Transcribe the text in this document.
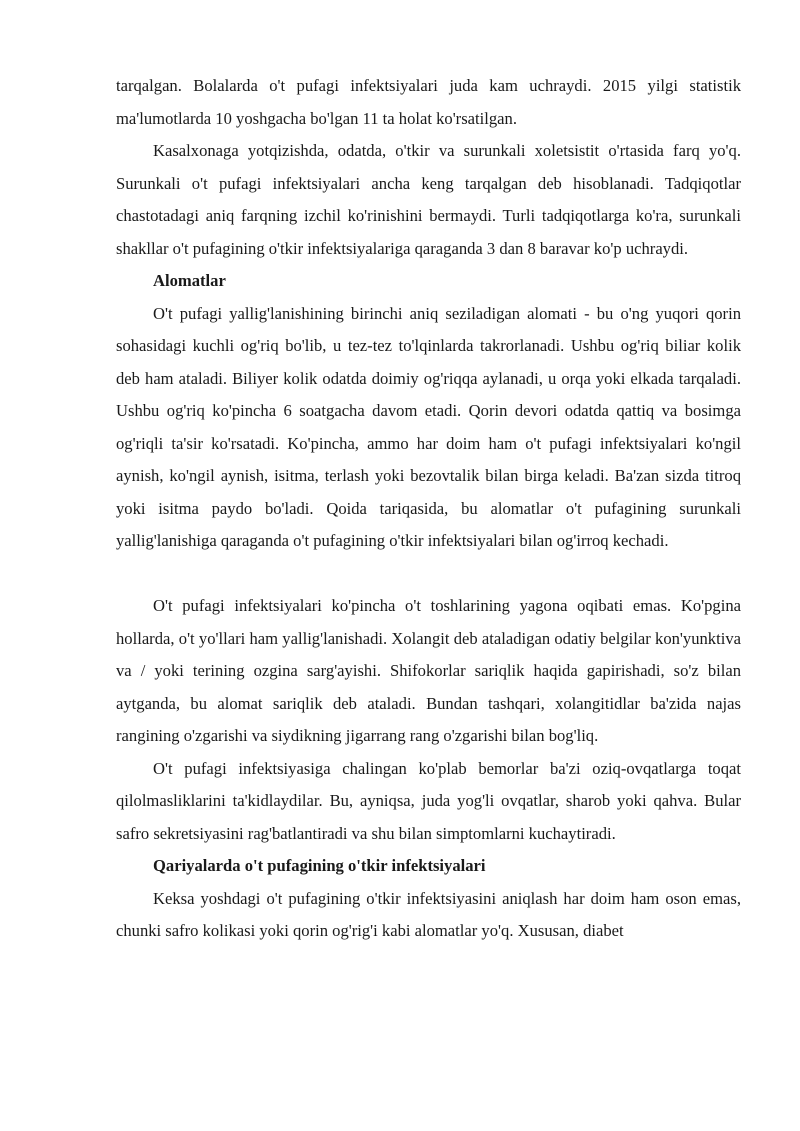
tarqalgan. Bolalarda o't pufagi infektsiyalari juda kam uchraydi. 2015 yilgi statistik ma'lumotlarda 10 yoshgacha bo'lgan 11 ta holat ko'rsatilgan.

Kasalxonaga yotqizishda, odatda, o'tkir va surunkali xoletsistit o'rtasida farq yo'q. Surunkali o't pufagi infektsiyalari ancha keng tarqalgan deb hisoblanadi. Tadqiqotlar chastotadagi aniq farqning izchil ko'rinishini bermaydi. Turli tadqiqotlarga ko'ra, surunkali shakllar o't pufagining o'tkir infektsiyalariga qaraganda 3 dan 8 baravar ko'p uchraydi.

Alomatlar

O't pufagi yallig'lanishining birinchi aniq seziladigan alomati - bu o'ng yuqori qorin sohasidagi kuchli og'riq bo'lib, u tez-tez to'lqinlarda takrorlanadi. Ushbu og'riq biliar kolik deb ham ataladi. Biliyer kolik odatda doimiy og'riqqa aylanadi, u orqa yoki elkada tarqaladi. Ushbu og'riq ko'pincha 6 soatgacha davom etadi. Qorin devori odatda qattiq va bosimga og'riqli ta'sir ko'rsatadi. Ko'pincha, ammo har doim ham o't pufagi infektsiyalari ko'ngil aynish, ko'ngil aynish, isitma, terlash yoki bezovtalik bilan birga keladi. Ba'zan sizda titroq yoki isitma paydo bo'ladi. Qoida tariqasida, bu alomatlar o't pufagining surunkali yallig'lanishiga qaraganda o't pufagining o'tkir infektsiyalari bilan og'irroq kechadi.

O't pufagi infektsiyalari ko'pincha o't toshlarining yagona oqibati emas. Ko'pgina hollarda, o't yo'llari ham yallig'lanishadi. Xolangit deb ataladigan odatiy belgilar kon'yunktiva va / yoki terining ozgina sarg'ayishi. Shifokorlar sariqlik haqida gapirishadi, so'z bilan aytganda, bu alomat sariqlik deb ataladi. Bundan tashqari, xolangitidlar ba'zida najas rangining o'zgarishi va siydikning jigarrang rang o'zgarishi bilan bog'liq.

O't pufagi infektsiyasiga chalingan ko'plab bemorlar ba'zi oziq-ovqatlarga toqat qilolmasliklarini ta'kidlaydilar. Bu, ayniqsa, juda yog'li ovqatlar, sharob yoki qahva. Bular safro sekretsiyasini rag'batlantiradi va shu bilan simptomlarni kuchaytiradi.

Qariyalarda o't pufagining o'tkir infektsiyalari

Keksa yoshdagi o't pufagining o'tkir infektsiyasini aniqlash har doim ham oson emas, chunki safro kolikasi yoki qorin og'rig'i kabi alomatlar yo'q. Xususan, diabet
